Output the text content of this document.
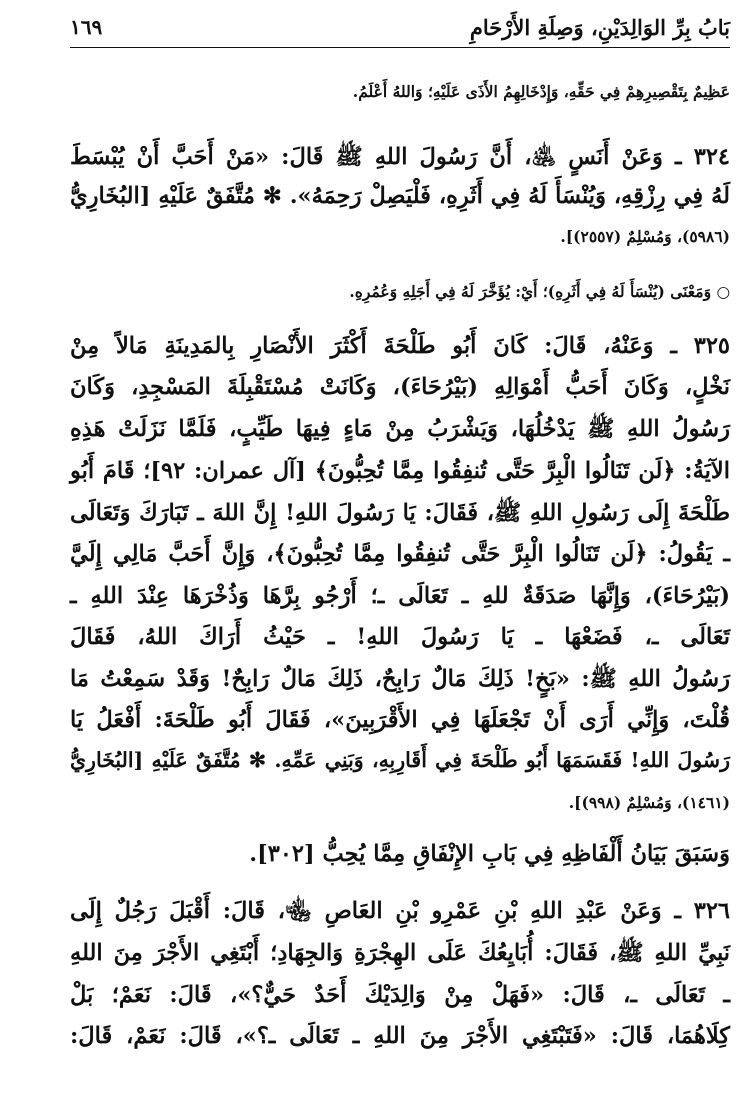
بَابُ بِرِّ الوَالِدَيْنِ، وَصِلَةِ الأَرْحَامِ
١٦٩
عَظِيمٌ بِتَقْصِيرِهِمْ فِي حَقِّهِ، وَإِدْخَالِهِمُ الأَذَى عَلَيْهِ؛ وَاللهُ أَعْلَمُ.
٣٢٤ ـ وَعَنْ أَنَسٍ ﵁، أَنَّ رَسُولَ اللهِ ﷺ قَالَ: «مَنْ أَحَبَّ أَنْ يُبْسَطَ
لَهُ فِي رِزْقِهِ، وَيُنْسَأَ لَهُ فِي أَثَرِهِ، فَلْيَصِلْ رَحِمَهُ». ✻ مُتَّفَقٌ عَلَيْهِ [البُخَارِيُّ
(٥٩٨٦)، وَمُسْلِمٌ (٢٥٥٧)].
○ وَمَعْنَى (يُنْسَأَ لَهُ فِي أَثَرِهِ)؛ أَيْ: يُؤَخَّرَ لَهُ فِي أَجَلِهِ وَعُمُرِهِ.
٣٢٥ ـ وَعَنْهُ، قَالَ: كَانَ أَبُو طَلْحَةَ أَكْثَرَ الأَنْصَارِ بِالمَدِينَةِ مَالاً مِنْ
نَخْلٍ، وَكَانَ أَحَبُّ أَمْوَالِهِ (بَيْرُحَاءَ)، وَكَانَتْ مُسْتَقْبِلَةَ المَسْجِدِ، وَكَانَ
رَسُولُ اللهِ ﷺ يَدْخُلُهَا، وَيَشْرَبُ مِنْ مَاءٍ فِيهَا طَيِّبٍ، فَلَمَّا نَزَلَتْ هَذِهِ
الآيَةُ: ﴿لَن تَنَالُوا الْبِرَّ حَتَّى تُنفِقُوا مِمَّا تُحِبُّونَ﴾ [آل عمران: ٩٢]؛ قَامَ أَبُو
طَلْحَةَ إِلَى رَسُولِ اللهِ ﷺ، فَقَالَ: يَا رَسُولَ اللهِ! إِنَّ اللهَ ـ تَبَارَكَ وَتَعَالَى
ـ يَقُولُ: ﴿لَن تَنَالُوا الْبِرَّ حَتَّى تُنفِقُوا مِمَّا تُحِبُّونَ﴾، وَإِنَّ أَحَبَّ مَالِي إِلَيَّ
(بَيْرُحَاءَ)، وَإِنَّهَا صَدَقَةٌ للهِ ـ تَعَالَى ـ؛ أَرْجُو بِرَّهَا وَذُخْرَهَا عِنْدَ اللهِ ـ
تَعَالَى ـ، فَضَعْهَا ـ يَا رَسُولَ اللهِ! ـ حَيْثُ أَرَاكَ اللهُ، فَقَالَ
رَسُولُ اللهِ ﷺ: «بَخٍ! ذَلِكَ مَالٌ رَابِحٌ، ذَلِكَ مَالٌ رَابِحٌ! وَقَدْ سَمِعْتُ مَا
قُلْتَ، وَإِنِّي أَرَى أَنْ تَجْعَلَهَا فِي الأَقْرَبِينَ»، فَقَالَ أَبُو طَلْحَةَ: أَفْعَلُ يَا
رَسُولَ اللهِ! فَقَسَمَهَا أَبُو طَلْحَةَ فِي أَقَارِبِهِ، وَبَنِي عَمِّهِ. ✻ مُتَّفَقٌ عَلَيْهِ [البُخَارِيُّ
(١٤٦١)، وَمُسْلِمٌ (٩٩٨)].
وَسَبَقَ بَيَانُ أَلْفَاظِهِ فِي بَابِ الإِنْفَاقِ مِمَّا يُحِبُّ [٣٠٢].
٣٢٦ ـ وَعَنْ عَبْدِ اللهِ بْنِ عَمْرِو بْنِ العَاصِ ﵄، قَالَ: أَقْبَلَ رَجُلٌ إِلَى
نَبِيِّ اللهِ ﷺ، فَقَالَ: أُبَايِعُكَ عَلَى الهِجْرَةِ وَالجِهَادِ؛ أَبْتَغِي الأَجْرَ مِنَ اللهِ
ـ تَعَالَى ـ، قَالَ: «فَهَلْ مِنْ وَالِدَيْكَ أَحَدٌ حَيٌّ؟»، قَالَ: نَعَمْ؛ بَلْ
كِلَاهُمَا، قَالَ: «فَتَبْتَغِي الأَجْرَ مِنَ اللهِ ـ تَعَالَى ـ؟»، قَالَ: نَعَمْ، قَالَ:
